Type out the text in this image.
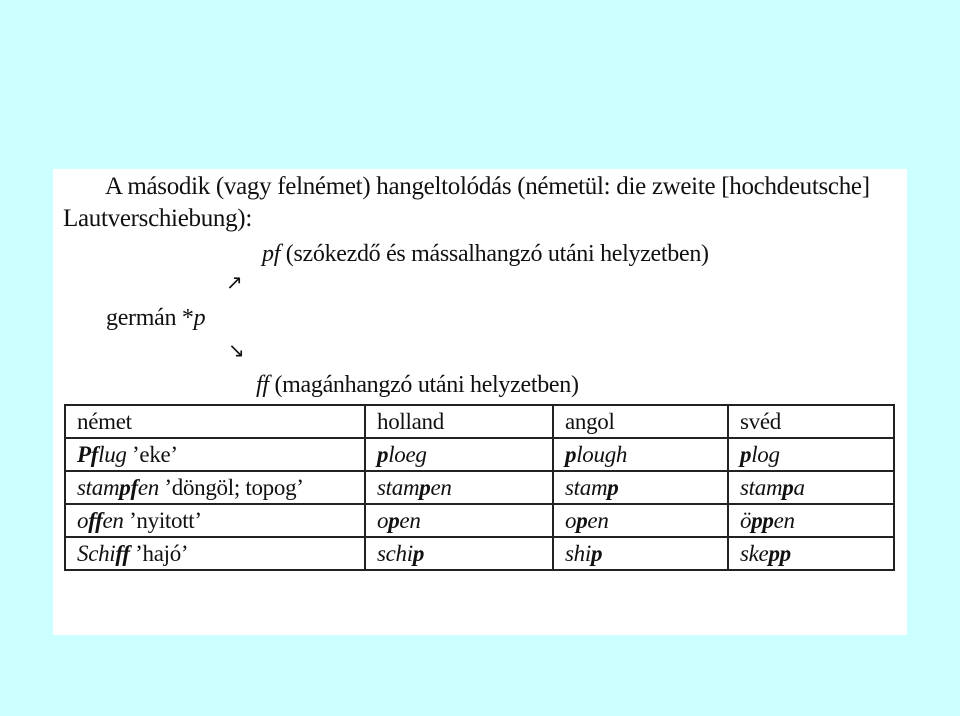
A második (vagy felnémet) hangeltolódás (németül: die zweite [hochdeutsche]
Lautverschiebung):
pf (szókezdő és mássalhangzó utáni helyzetben)
↗
germán *p
↘
ff (magánhangzó utáni helyzetben)
német	holland	angol	svéd
Pflug ’eke’	ploeg	plough	plog
stampfen ’döngöl; topog’	stampen	stamp	stampa
offen ’nyitott’	open	open	öppen
Schiff ’hajó’	schip	ship	skepp
